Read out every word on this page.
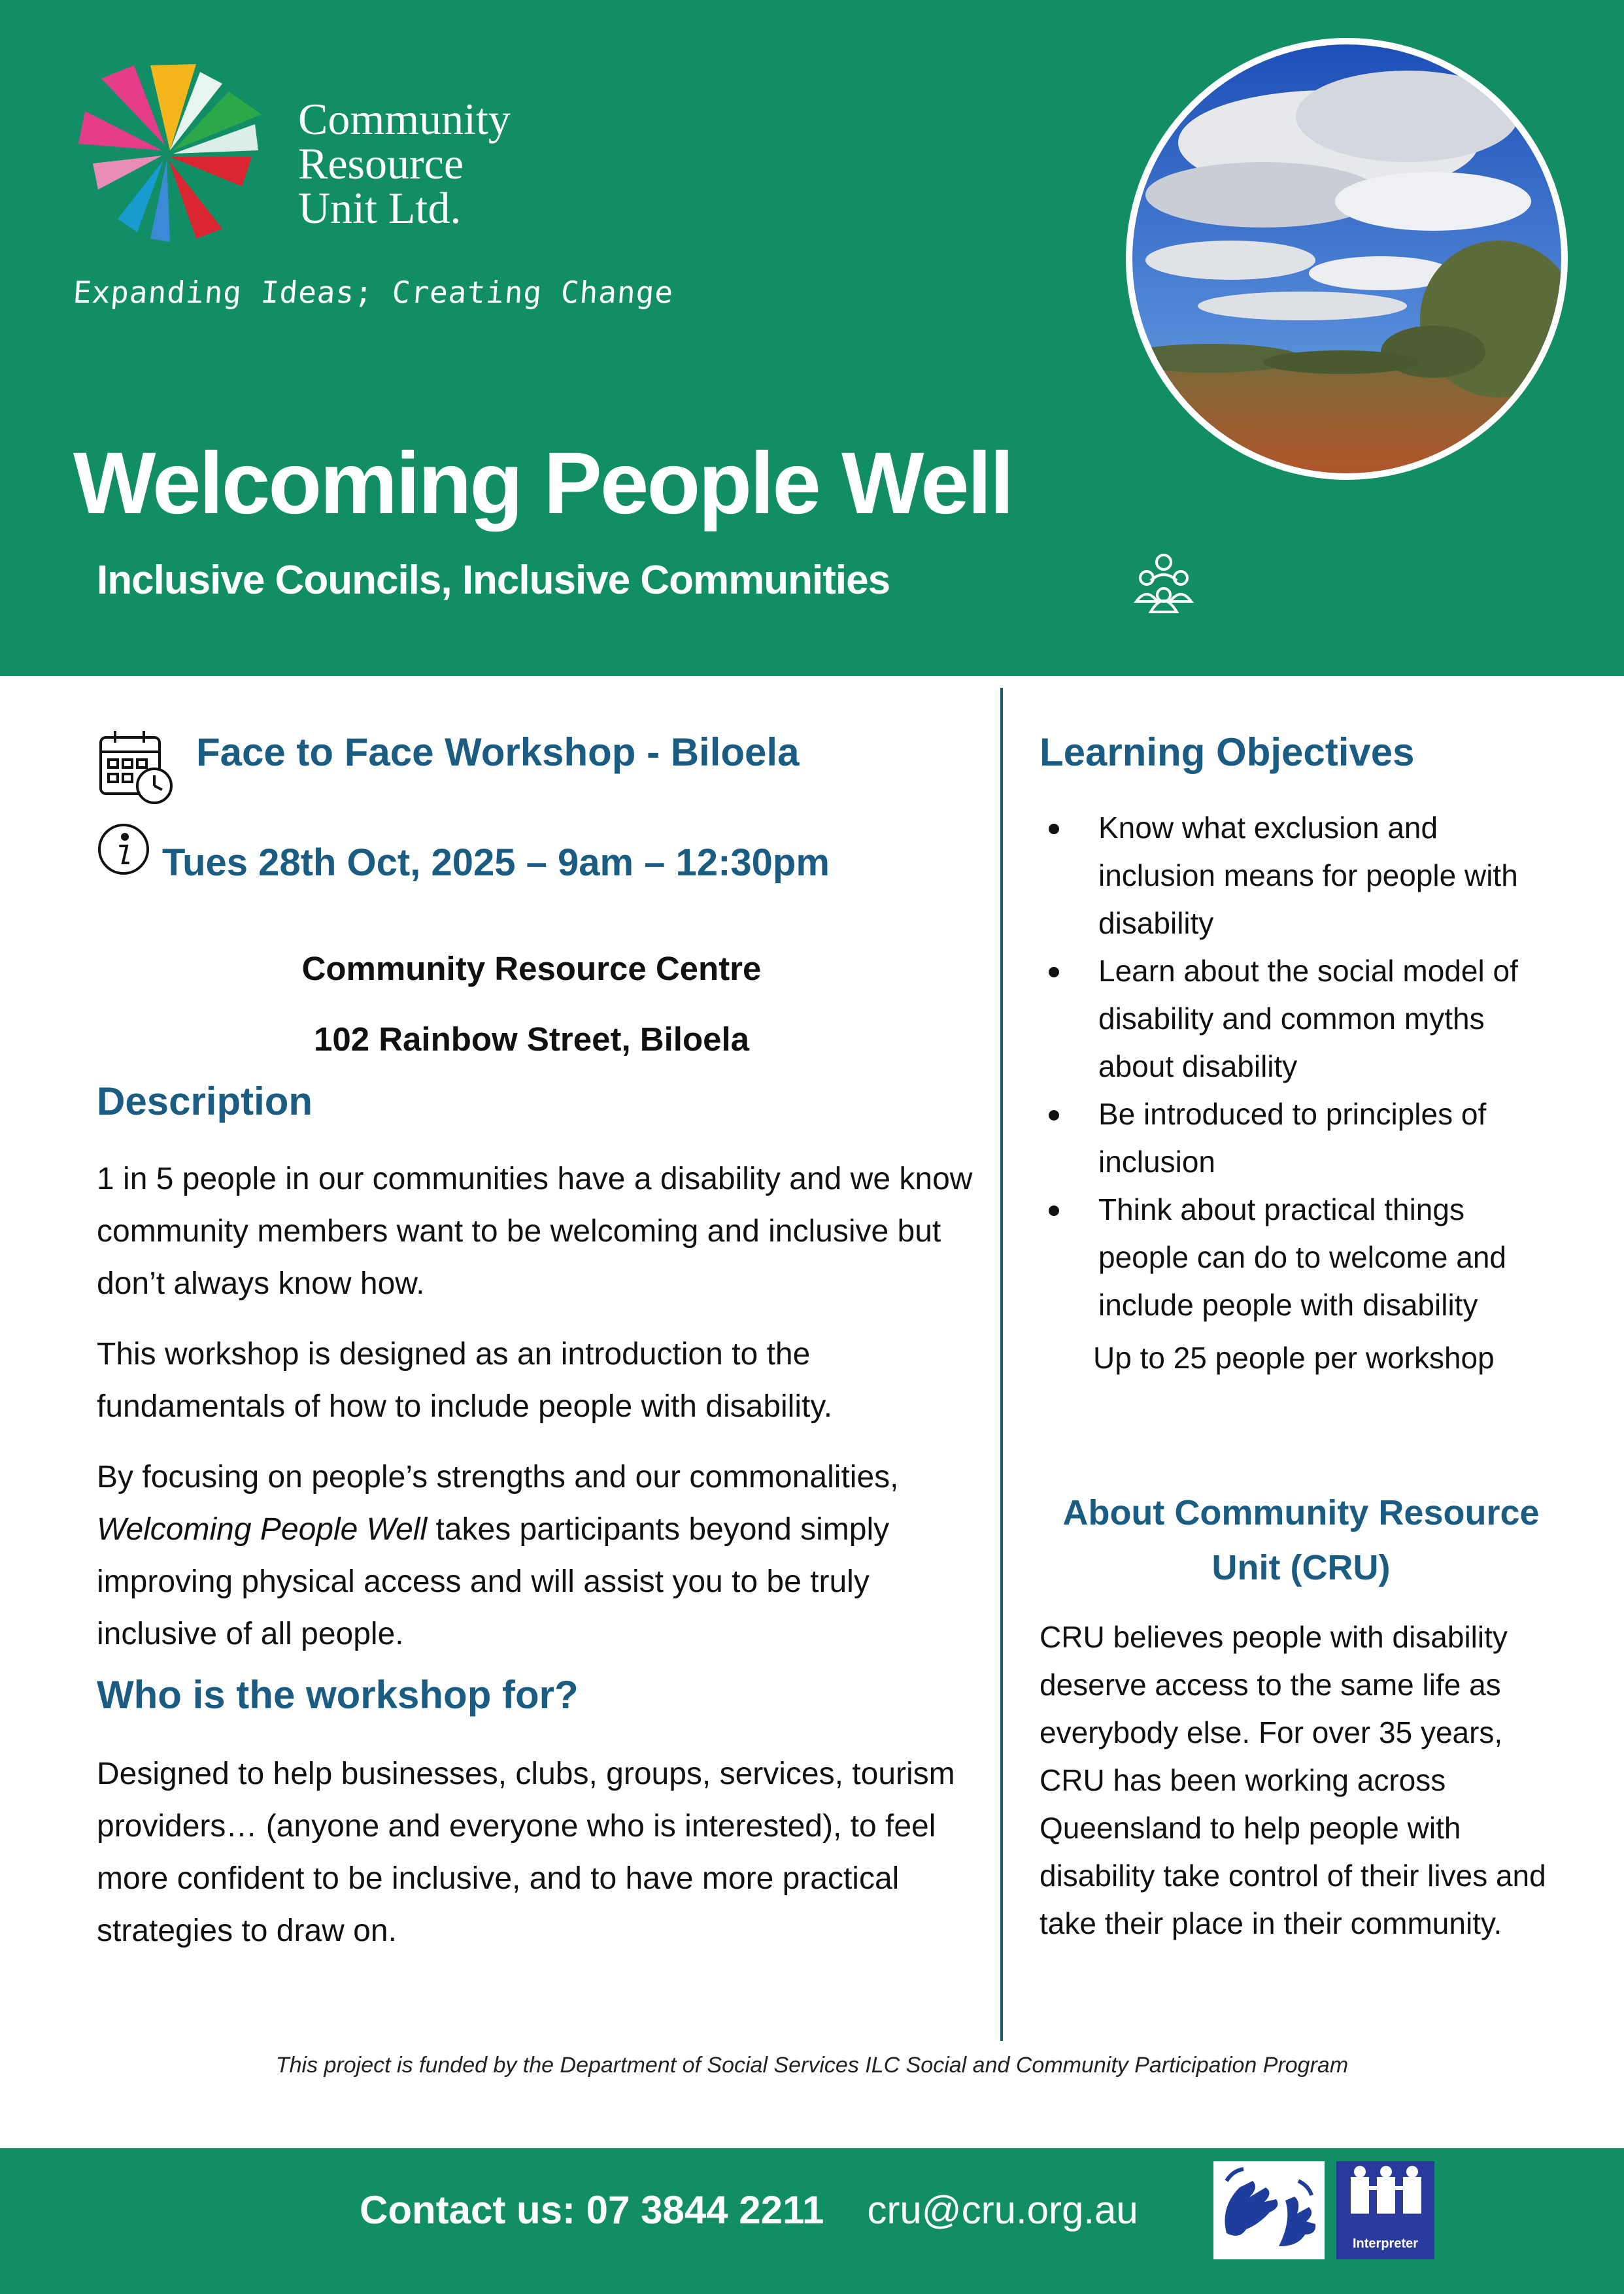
Community
Resource
Unit Ltd.
Expanding Ideas; Creating Change
Welcoming People Well
Inclusive Councils, Inclusive Communities
Face to Face Workshop - Biloela
Tues 28th Oct, 2025 – 9am – 12:30pm
Community Resource Centre
102 Rainbow Street, Biloela
Description
1 in 5 people in our communities have a disability and we know community members want to be welcoming and inclusive but don’t always know how.
This workshop is designed as an introduction to the fundamentals of how to include people with disability.
By focusing on people’s strengths and our commonalities, Welcoming People Well takes participants beyond simply improving physical access and will assist you to be truly inclusive of all people.
Who is the workshop for?
Designed to help businesses, clubs, groups, services, tourism providers… (anyone and everyone who is interested), to feel more confident to be inclusive, and to have more practical strategies to draw on.
Learning Objectives
Know what exclusion and inclusion means for people with disability
Learn about the social model of disability and common myths about disability
Be introduced to principles of inclusion
Think about practical things people can do to welcome and include people with disability
Up to 25 people per workshop
About Community Resource Unit (CRU)
CRU believes people with disability deserve access to the same life as everybody else. For over 35 years, CRU has been working across Queensland to help people with disability take control of their lives and take their place in their community.
This project is funded by the Department of Social Services ILC Social and Community Participation Program
Contact us: 07 3844 2211 cru@cru.org.au
Interpreter
